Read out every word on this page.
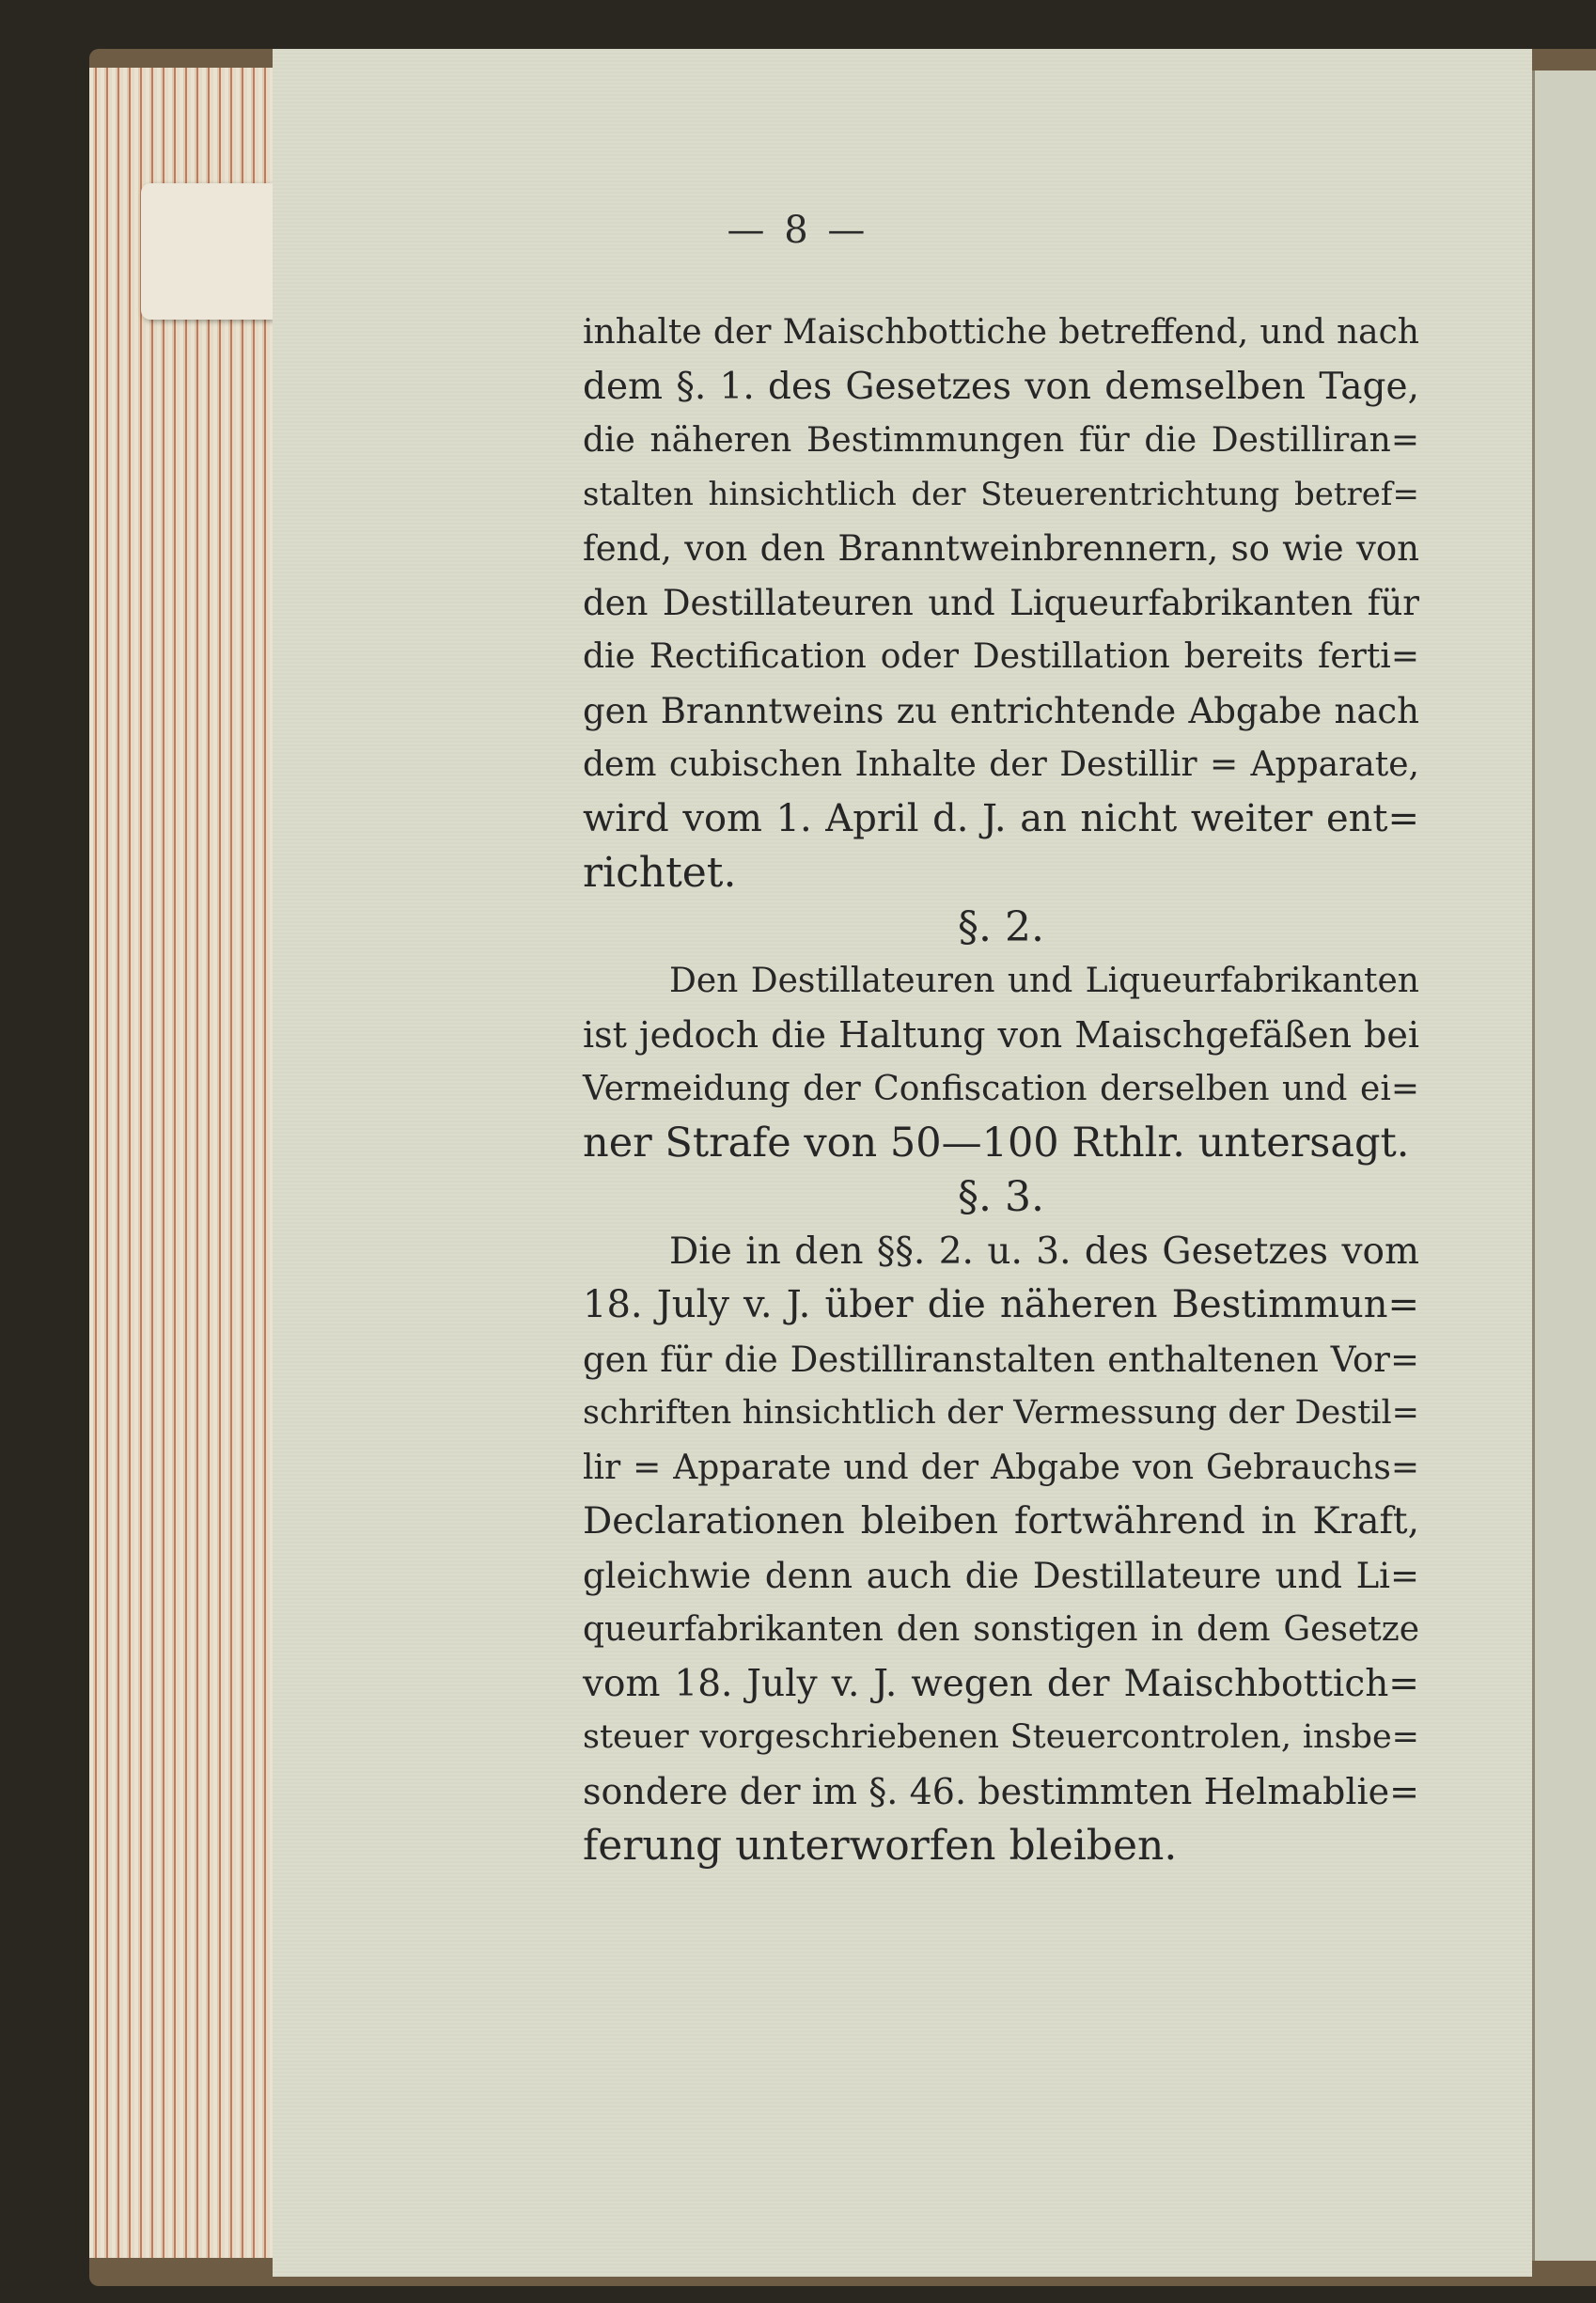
— 8 —
inhalte der Maischbottiche betreffend, und nach
dem §. 1. des Gesetzes von demselben Tage,
die näheren Bestimmungen für die Destilliran=
stalten hinsichtlich der Steuerentrichtung betref=
fend, von den Branntweinbrennern, so wie von
den Destillateuren und Liqueurfabrikanten für
die Rectification oder Destillation bereits ferti=
gen Branntweins zu entrichtende Abgabe nach
dem cubischen Inhalte der Destillir = Apparate,
wird vom 1. April d. J. an nicht weiter ent=
richtet.
§. 2.
Den Destillateuren und Liqueurfabrikanten
ist jedoch die Haltung von Maischgefäßen bei
Vermeidung der Confiscation derselben und ei=
ner Strafe von 50—100 Rthlr. untersagt.
§. 3.
Die in den §§. 2. u. 3. des Gesetzes vom
18. July v. J. über die näheren Bestimmun=
gen für die Destilliranstalten enthaltenen Vor=
schriften hinsichtlich der Vermessung der Destil=
lir = Apparate und der Abgabe von Gebrauchs=
Declarationen bleiben fortwährend in Kraft,
gleichwie denn auch die Destillateure und Li=
queurfabrikanten den sonstigen in dem Gesetze
vom 18. July v. J. wegen der Maischbottich=
steuer vorgeschriebenen Steuercontrolen, insbe=
sondere der im §. 46. bestimmten Helmablie=
ferung unterworfen bleiben.
